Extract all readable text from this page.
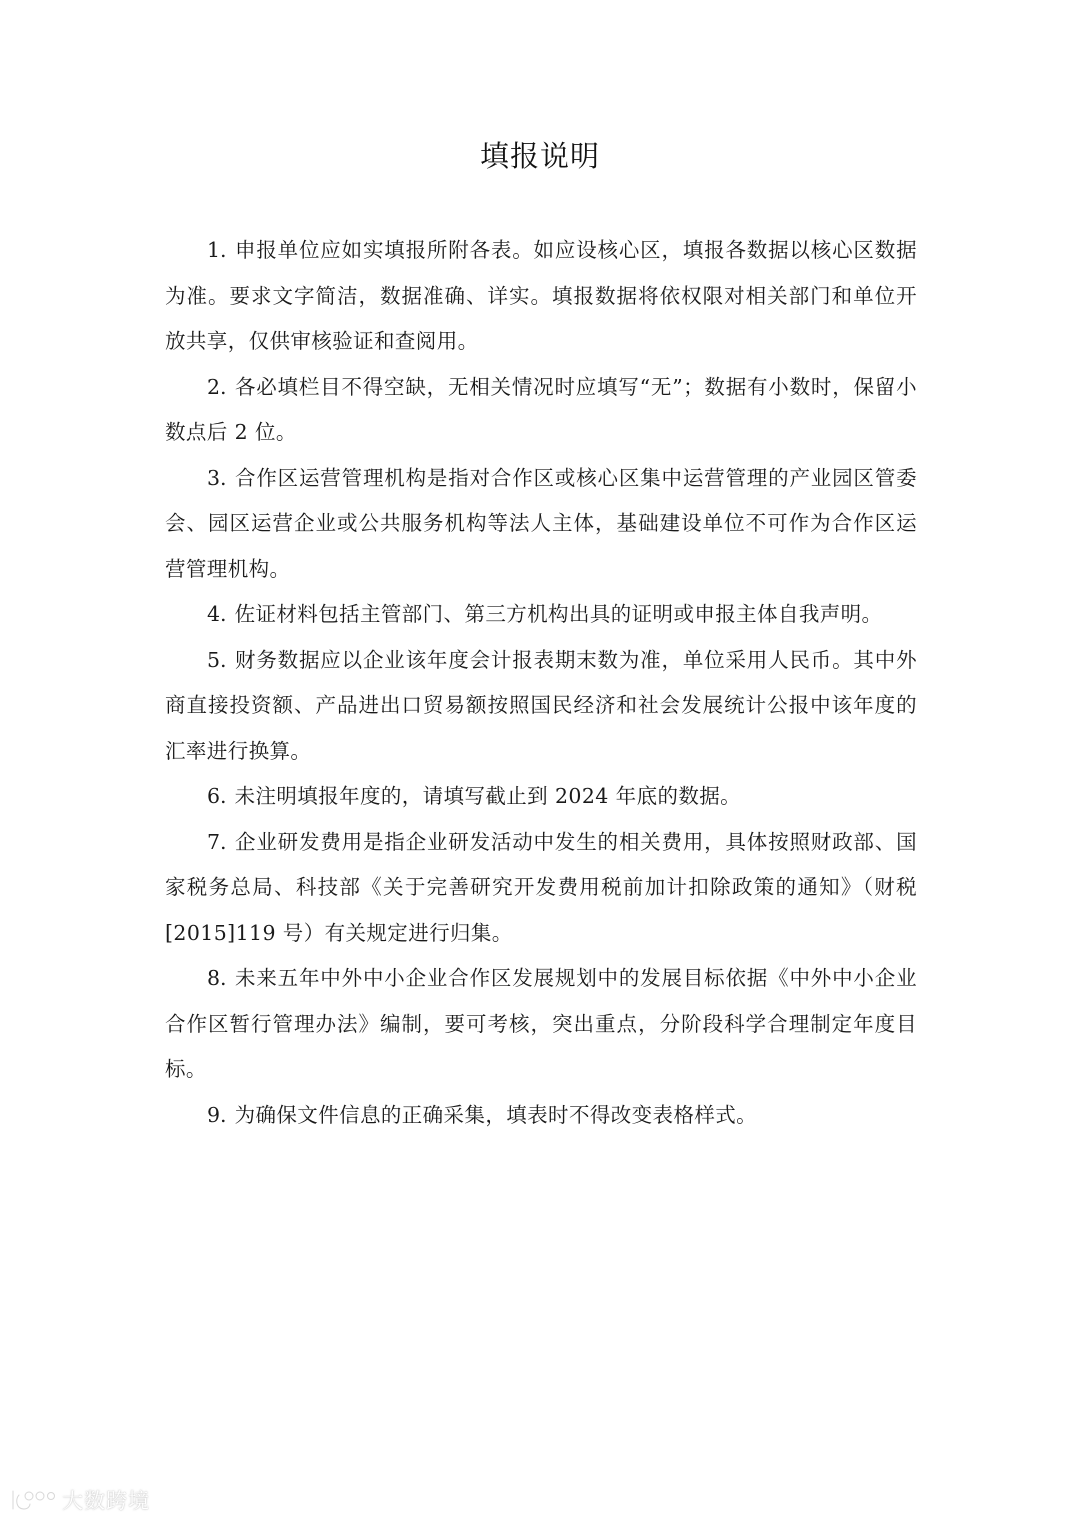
填报说明

1. 申报单位应如实填报所附各表。如应设核心区，填报各数据以核心区数据为准。要求文字简洁，数据准确、详实。填报数据将依权限对相关部门和单位开放共享，仅供审核验证和查阅用。

2. 各必填栏目不得空缺，无相关情况时应填写“无”；数据有小数时，保留小数点后 2 位。

3. 合作区运营管理机构是指对合作区或核心区集中运营管理的产业园区管委会、园区运营企业或公共服务机构等法人主体，基础建设单位不可作为合作区运营管理机构。

4. 佐证材料包括主管部门、第三方机构出具的证明或申报主体自我声明。

5. 财务数据应以企业该年度会计报表期末数为准，单位采用人民币。其中外商直接投资额、产品进出口贸易额按照国民经济和社会发展统计公报中该年度的汇率进行换算。

6. 未注明填报年度的，请填写截止到 2024 年底的数据。

7. 企业研发费用是指企业研发活动中发生的相关费用，具体按照财政部、国家税务总局、科技部《关于完善研究开发费用税前加计扣除政策的通知》（财税[2015]119 号）有关规定进行归集。

8. 未来五年中外中小企业合作区发展规划中的发展目标依据《中外中小企业合作区暂行管理办法》编制，要可考核，突出重点，分阶段科学合理制定年度目标。

9. 为确保文件信息的正确采集，填表时不得改变表格样式。

大数跨境
